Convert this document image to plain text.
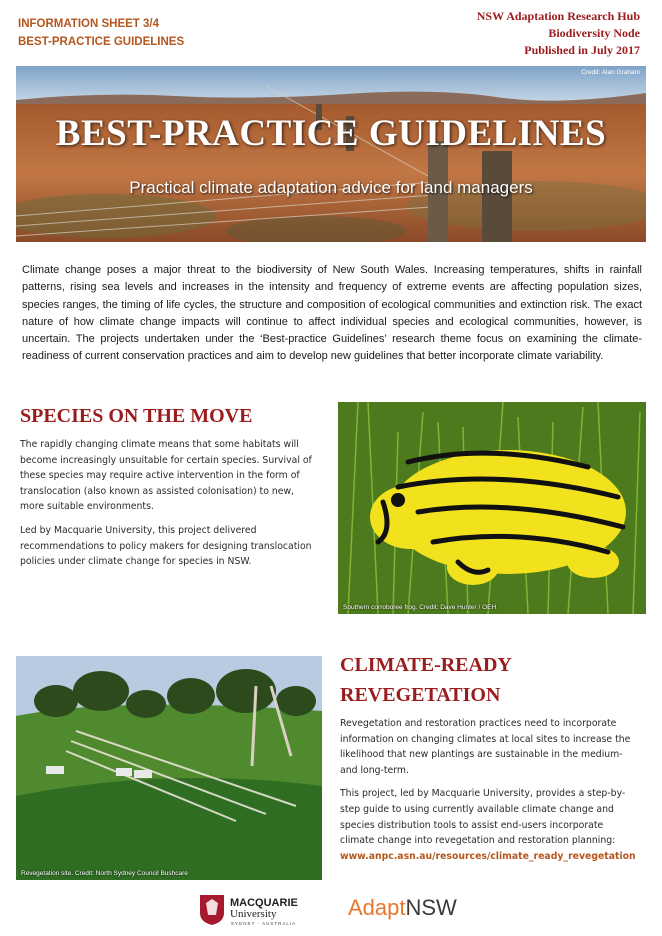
INFORMATION SHEET 3/4
BEST-PRACTICE GUIDELINES
NSW Adaptation Research Hub
Biodiversity Node
Published in July 2017
Credit: Alan Graham
BEST-PRACTICE GUIDELINES
Practical climate adaptation advice for land managers
Climate change poses a major threat to the biodiversity of New South Wales. Increasing temperatures, shifts in rainfall patterns, rising sea levels and increases in the intensity and frequency of extreme events are affecting population sizes, species ranges, the timing of life cycles, the structure and composition of ecological communities and extinction risk. The exact nature of how climate change impacts will continue to affect individual species and ecological communities, however, is uncertain. The projects undertaken under the ‘Best-practice Guidelines’ research theme focus on examining the climate-readiness of current conservation practices and aim to develop new guidelines that better incorporate climate variability.
SPECIES ON THE MOVE

The rapidly changing climate means that some habitats will become increasingly unsuitable for certain species. Survival of these species may require active intervention in the form of translocation (also known as assisted colonisation) to new, more suitable environments.

Led by Macquarie University, this project delivered recommendations to policy makers for designing translocation policies under climate change for species in NSW.

Southern corroboree frog. Credit: Dave Hunter / OEH
Revegetation site. Credit: North Sydney Council Bushcare
CLIMATE-READY
REVEGETATION

Revegetation and restoration practices need to incorporate information on changing climates at local sites to increase the likelihood that new plantings are sustainable in the medium- and long-term.

This project, led by Macquarie University, provides a step-by-step guide to using currently available climate change and species distribution tools to assist end-users incorporate climate change into revegetation and restoration planning:

www.anpc.asn.au/resources/climate_ready_revegetation
MACQUARIE
University
SYDNEY · AUSTRALIA
AdaptNSW
